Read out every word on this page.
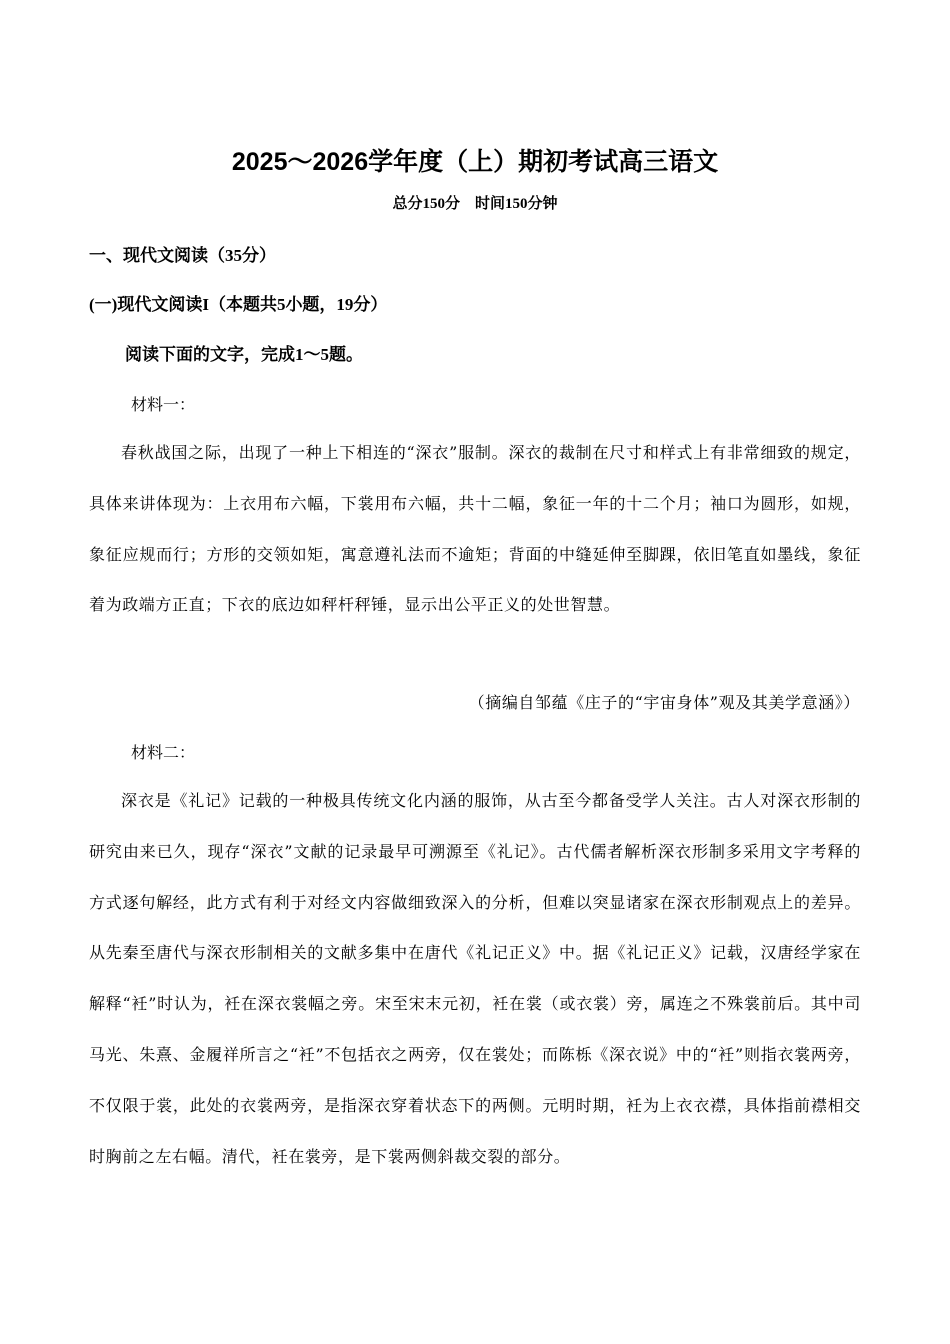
2025～2026学年度（上）期初考试高三语文
总分150分　时间150分钟
一、现代文阅读（35分）
(一)现代文阅读I（本题共5小题，19分）
阅读下面的文字，完成1～5题。
材料一：

春秋战国之际，出现了一种上下相连的“深衣”服制。深衣的裁制在尺寸和样式上有非常细致的规定，具体来讲体现为：上衣用布六幅，下裳用布六幅，共十二幅，象征一年的十二个月；袖口为圆形，如规，象征应规而行；方形的交领如矩，寓意遵礼法而不逾矩；背面的中缝延伸至脚踝，依旧笔直如墨线，象征着为政端方正直；下衣的底边如秤杆秤锤，显示出公平正义的处世智慧。

（摘编自邹蕴《庄子的“宇宙身体”观及其美学意涵》）
材料二：

深衣是《礼记》记载的一种极具传统文化内涵的服饰，从古至今都备受学人关注。古人对深衣形制的研究由来已久，现存“深衣”文献的记录最早可溯源至《礼记》。古代儒者解析深衣形制多采用文字考释的方式逐句解经，此方式有利于对经文内容做细致深入的分析，但难以突显诸家在深衣形制观点上的差异。从先秦至唐代与深衣形制相关的文献多集中在唐代《礼记正义》中。据《礼记正义》记载，汉唐经学家在解释“衽”时认为，衽在深衣裳幅之旁。宋至宋末元初，衽在裳（或衣裳）旁，属连之不殊裳前后。其中司马光、朱熹、金履祥所言之“衽”不包括衣之两旁，仅在裳处；而陈栎《深衣说》中的“衽”则指衣裳两旁，不仅限于裳，此处的衣裳两旁，是指深衣穿着状态下的两侧。元明时期，衽为上衣衣襟，具体指前襟相交时胸前之左右幅。清代，衽在裳旁，是下裳两侧斜裁交裂的部分。
